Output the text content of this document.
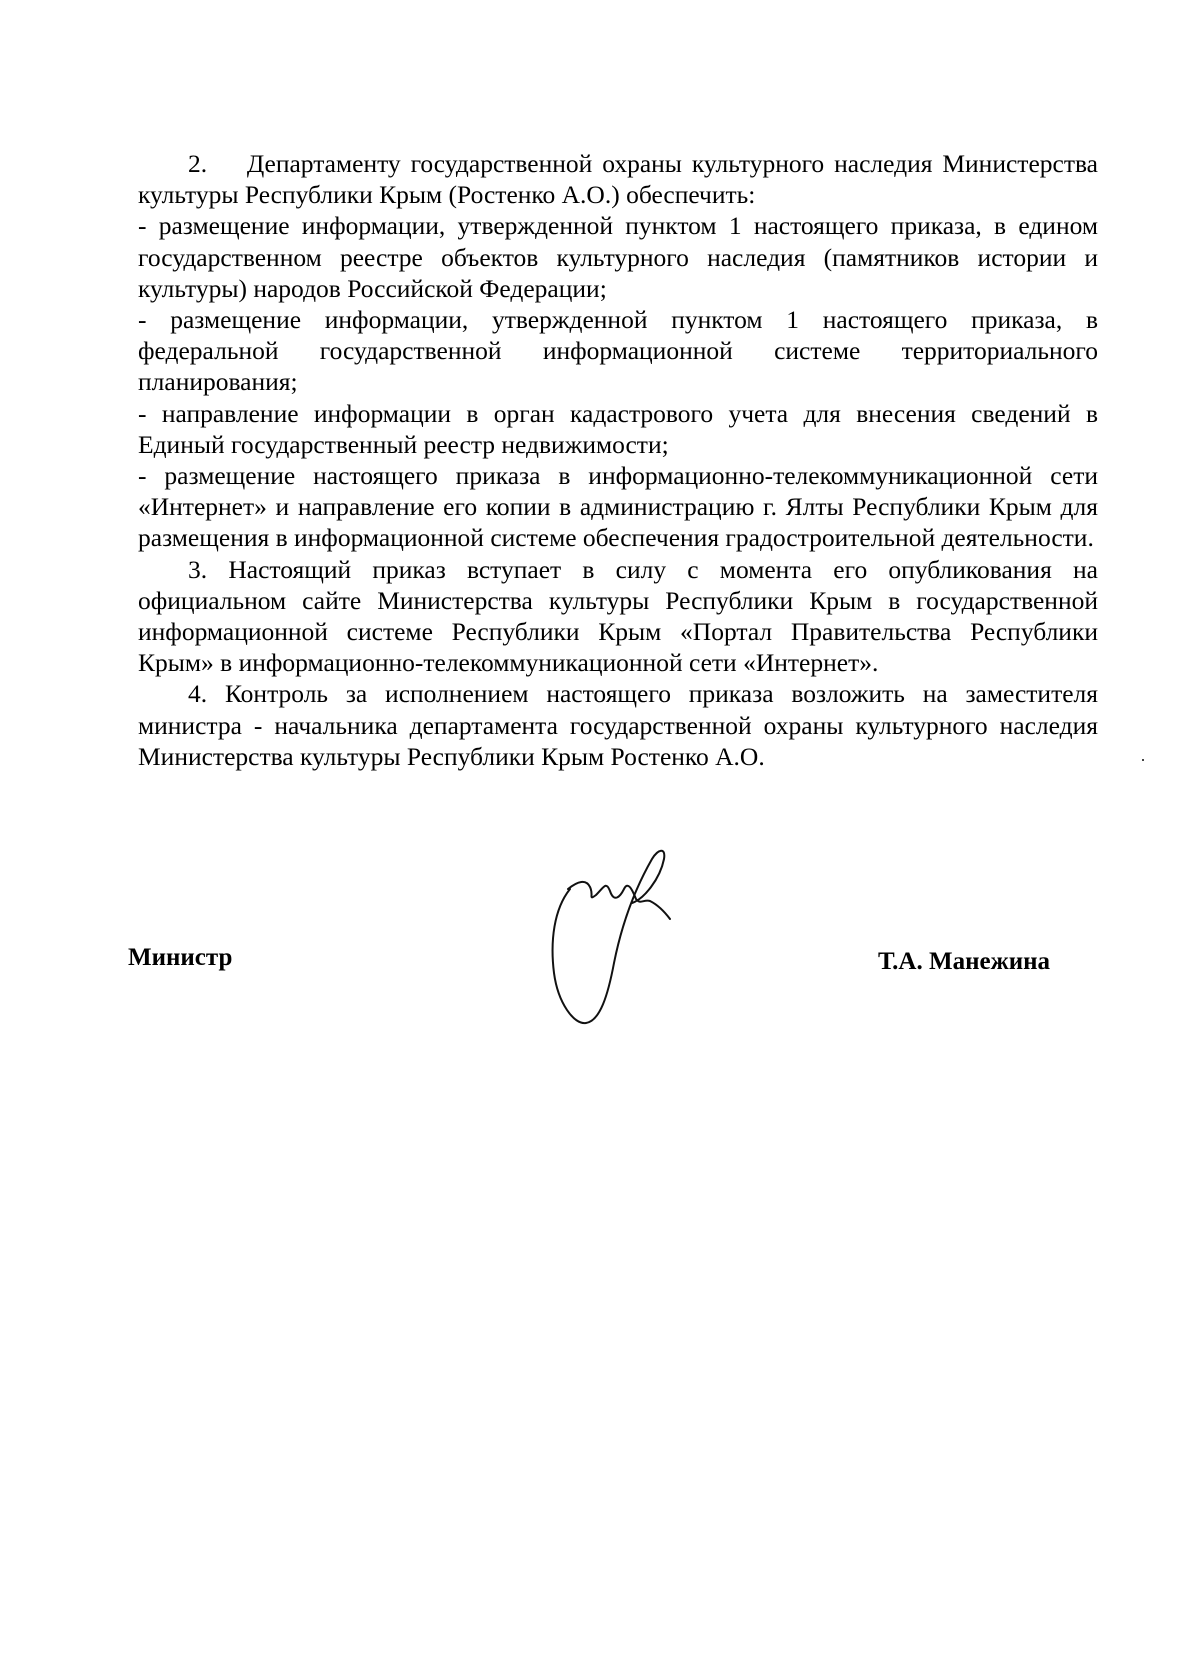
2.    Департаменту государственной охраны культурного наследия Министерства культуры Республики Крым (Ростенко А.О.) обеспечить:

- размещение информации, утвержденной пунктом 1 настоящего приказа, в едином государственном реестре объектов культурного наследия (памятников истории и культуры) народов Российской Федерации;

- размещение информации, утвержденной пунктом 1 настоящего приказа, в федеральной государственной информационной системе территориального планирования;

- направление информации в орган кадастрового учета для внесения сведений в Единый государственный реестр недвижимости;

- размещение настоящего приказа в информационно-телекоммуникационной сети «Интернет» и направление его копии в администрацию г. Ялты Республики Крым для размещения в информационной системе обеспечения градостроительной деятельности.

3. Настоящий приказ вступает в силу с момента его опубликования на официальном сайте Министерства культуры Республики Крым в государственной информационной системе Республики Крым «Портал Правительства Республики Крым» в информационно-телекоммуникационной сети «Интернет».

4. Контроль за исполнением настоящего приказа возложить на заместителя министра - начальника департамента государственной охраны культурного наследия Министерства культуры Республики Крым Ростенко А.О.

Министр	Т.А. Манежина
